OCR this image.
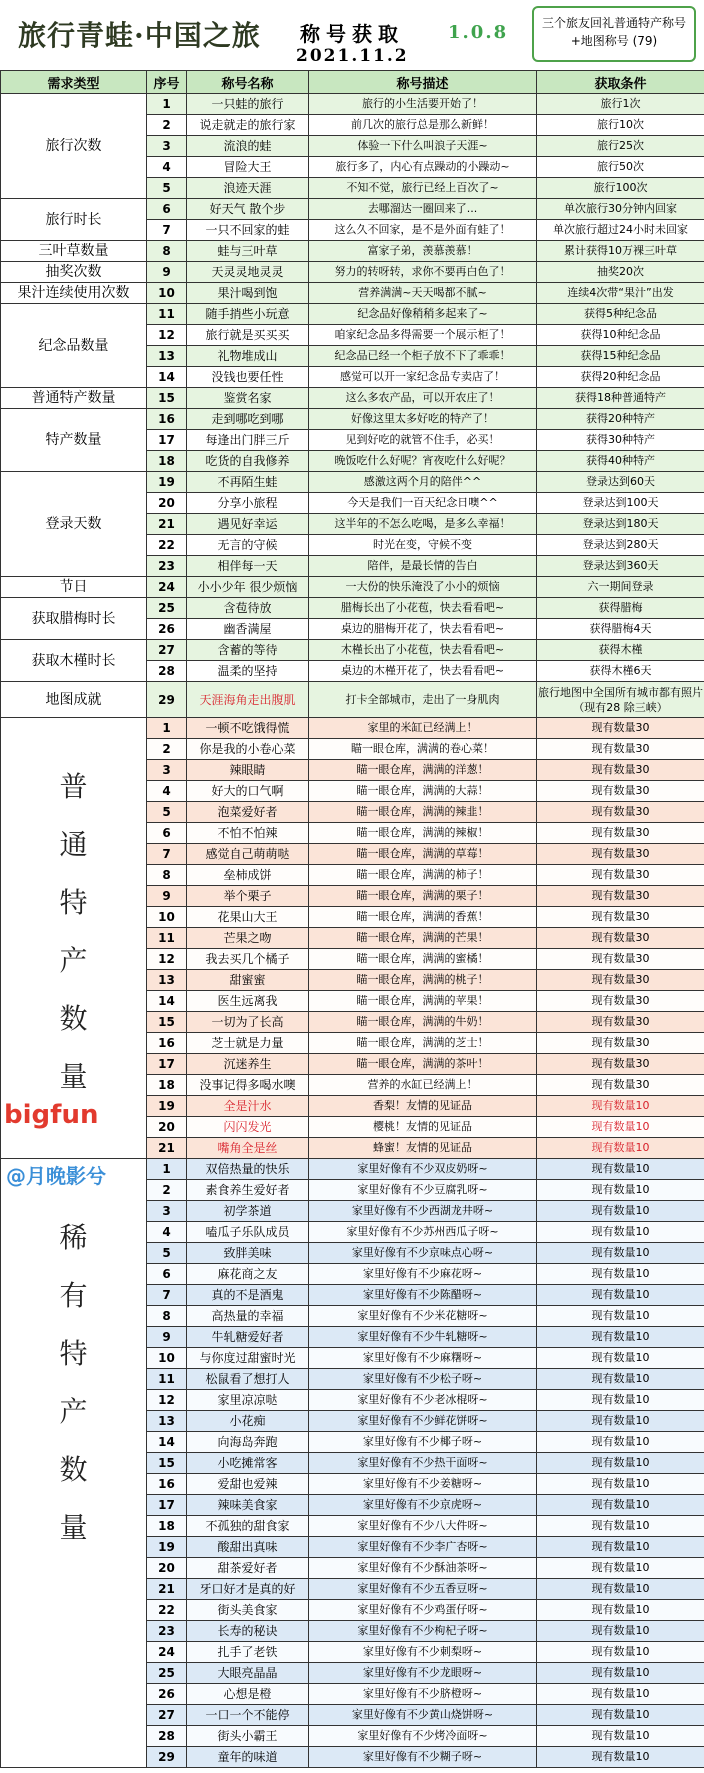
旅行青蛙·中国之旅 称号获取 1.0.8
2021.11.2
三个旅友回礼普通特产称号+地图称号 (79)
需求类型	序号	称号名称	称号描述	获取条件
旅行次数	1	一只蛙的旅行	旅行的小生活要开始了！	旅行1次
	2	说走就走的旅行家	前几次的旅行总是那么新鲜！	旅行10次
	3	流浪的蛙	体验一下什么叫浪子天涯~	旅行25次
	4	冒险大王	旅行多了，内心有点躁动的小躁动~	旅行50次
	5	浪迹天涯	不知不觉，旅行已经上百次了~	旅行100次
旅行时长	6	好天气 散个步	去哪溜达一圈回来了...	单次旅行30分钟内回家
	7	一只不回家的蛙	这么久不回家，是不是外面有蛙了！	单次旅行超过24小时未回家
三叶草数量	8	蛙与三叶草	富家子弟，羡慕羡慕！	累计获得10万裸三叶草
抽奖次数	9	天灵灵地灵灵	努力的转呀转，求你不要再白色了！	抽奖20次
果汁连续使用次数	10	果汁喝到饱	营养满满~天天喝都不腻~	连续4次带“果汁”出发
纪念品数量	11	随手捎些小玩意	纪念品好像稍稍多起来了~	获得5种纪念品
	12	旅行就是买买买	咱家纪念品多得需要一个展示柜了！	获得10种纪念品
	13	礼物堆成山	纪念品已经一个柜子放不下了乖乖！	获得15种纪念品
	14	没钱也要任性	感觉可以开一家纪念品专卖店了！	获得20种纪念品
普通特产数量	15	鉴赏名家	这么多农产品，可以开农庄了！	获得18种普通特产
特产数量	16	走到哪吃到哪	好像这里太多好吃的特产了！	获得20种特产
	17	每逢出门胖三斤	见到好吃的就管不住手，必买！	获得30种特产
	18	吃货的自我修养	晚饭吃什么好呢？宵夜吃什么好呢？	获得40种特产
登录天数	19	不再陌生蛙	感激这两个月的陪伴^^	登录达到60天
	20	分享小旅程	今天是我们一百天纪念日噢^^	登录达到100天
	21	遇见好幸运	这半年的不怎么吃喝，是多么幸福！	登录达到180天
	22	无言的守候	时光在变，守候不变	登录达到280天
	23	相伴每一天	陪伴，是最长情的告白	登录达到360天
节日	24	小小少年 很少烦恼	一大份的快乐淹没了小小的烦恼	六一期间登录
获取腊梅时长	25	含苞待放	腊梅长出了小花苞，快去看看吧~	获得腊梅
	26	幽香满屋	桌边的腊梅开花了，快去看看吧~	获得腊梅4天
获取木槿时长	27	含蓄的等待	木槿长出了小花苞，快去看看吧~	获得木槿
	28	温柔的坚持	桌边的木槿开花了，快去看看吧~	获得木槿6天
地图成就	29	天涯海角走出腹肌	打卡全部城市，走出了一身肌肉	旅行地图中全国所有城市都有照片（现有28 除三峡）
普通特产数量	1	一顿不吃饿得慌	家里的米缸已经满上！	现有数量30
	2	你是我的小卷心菜	瞄一眼仓库，满满的卷心菜！	现有数量30
	3	辣眼睛	瞄一眼仓库，满满的洋葱！	现有数量30
	4	好大的口气啊	瞄一眼仓库，满满的大蒜！	现有数量30
	5	泡菜爱好者	瞄一眼仓库，满满的辣韭！	现有数量30
	6	不怕不怕辣	瞄一眼仓库，满满的辣椒！	现有数量30
	7	感觉自己萌萌哒	瞄一眼仓库，满满的草莓！	现有数量30
	8	垒柿成饼	瞄一眼仓库，满满的柿子！	现有数量30
	9	举个栗子	瞄一眼仓库，满满的栗子！	现有数量30
	10	花果山大王	瞄一眼仓库，满满的香蕉！	现有数量30
	11	芒果之吻	瞄一眼仓库，满满的芒果！	现有数量30
	12	我去买几个橘子	瞄一眼仓库，满满的蜜橘！	现有数量30
	13	甜蜜蜜	瞄一眼仓库，满满的桃子！	现有数量30
	14	医生远离我	瞄一眼仓库，满满的苹果！	现有数量30
	15	一切为了长高	瞄一眼仓库，满满的牛奶！	现有数量30
	16	芝士就是力量	瞄一眼仓库，满满的芝士！	现有数量30
	17	沉迷养生	瞄一眼仓库，满满的茶叶！	现有数量30
	18	没事记得多喝水噢	营养的水缸已经满上！	现有数量30
	19	全是汁水	香梨！友情的见证品	现有数量10
	20	闪闪发光	樱桃！友情的见证品	现有数量10
	21	嘴角全是丝	蜂蜜！友情的见证品	现有数量10
稀有特产数量	1	双倍热量的快乐	家里好像有不少双皮奶呀~	现有数量10
	2	素食养生爱好者	家里好像有不少豆腐乳呀~	现有数量10
	3	初学茶道	家里好像有不少西湖龙井呀~	现有数量10
	4	嗑瓜子乐队成员	家里好像有不少苏州西瓜子呀~	现有数量10
	5	致胖美味	家里好像有不少京味点心呀~	现有数量10
	6	麻花商之友	家里好像有不少麻花呀~	现有数量10
	7	真的不是酒鬼	家里好像有不少陈醋呀~	现有数量10
	8	高热量的幸福	家里好像有不少米花糖呀~	现有数量10
	9	牛轧糖爱好者	家里好像有不少牛轧糖呀~	现有数量10
	10	与你度过甜蜜时光	家里好像有不少麻糬呀~	现有数量10
	11	松鼠看了想打人	家里好像有不少松子呀~	现有数量10
	12	家里凉凉哒	家里好像有不少老冰棍呀~	现有数量10
	13	小花痴	家里好像有不少鲜花饼呀~	现有数量10
	14	向海岛奔跑	家里好像有不少椰子呀~	现有数量10
	15	小吃摊常客	家里好像有不少热干面呀~	现有数量10
	16	爱甜也爱辣	家里好像有不少姜糖呀~	现有数量10
	17	辣味美食家	家里好像有不少京虎呀~	现有数量10
	18	不孤独的甜食家	家里好像有不少八大件呀~	现有数量10
	19	酸甜出真味	家里好像有不少李广杏呀~	现有数量10
	20	甜茶爱好者	家里好像有不少酥油茶呀~	现有数量10
	21	牙口好才是真的好	家里好像有不少五香豆呀~	现有数量10
	22	街头美食家	家里好像有不少鸡蛋仔呀~	现有数量10
	23	长寿的秘诀	家里好像有不少枸杞子呀~	现有数量10
	24	扎手了老铁	家里好像有不少刺梨呀~	现有数量10
	25	大眼亮晶晶	家里好像有不少龙眼呀~	现有数量10
	26	心想是橙	家里好像有不少脐橙呀~	现有数量10
	27	一口一个不能停	家里好像有不少黄山烧饼呀~	现有数量10
	28	街头小霸王	家里好像有不少烤冷面呀~	现有数量10
	29	童年的味道	家里好像有不少糊子呀~	现有数量10
bigfun
@月晚影兮
